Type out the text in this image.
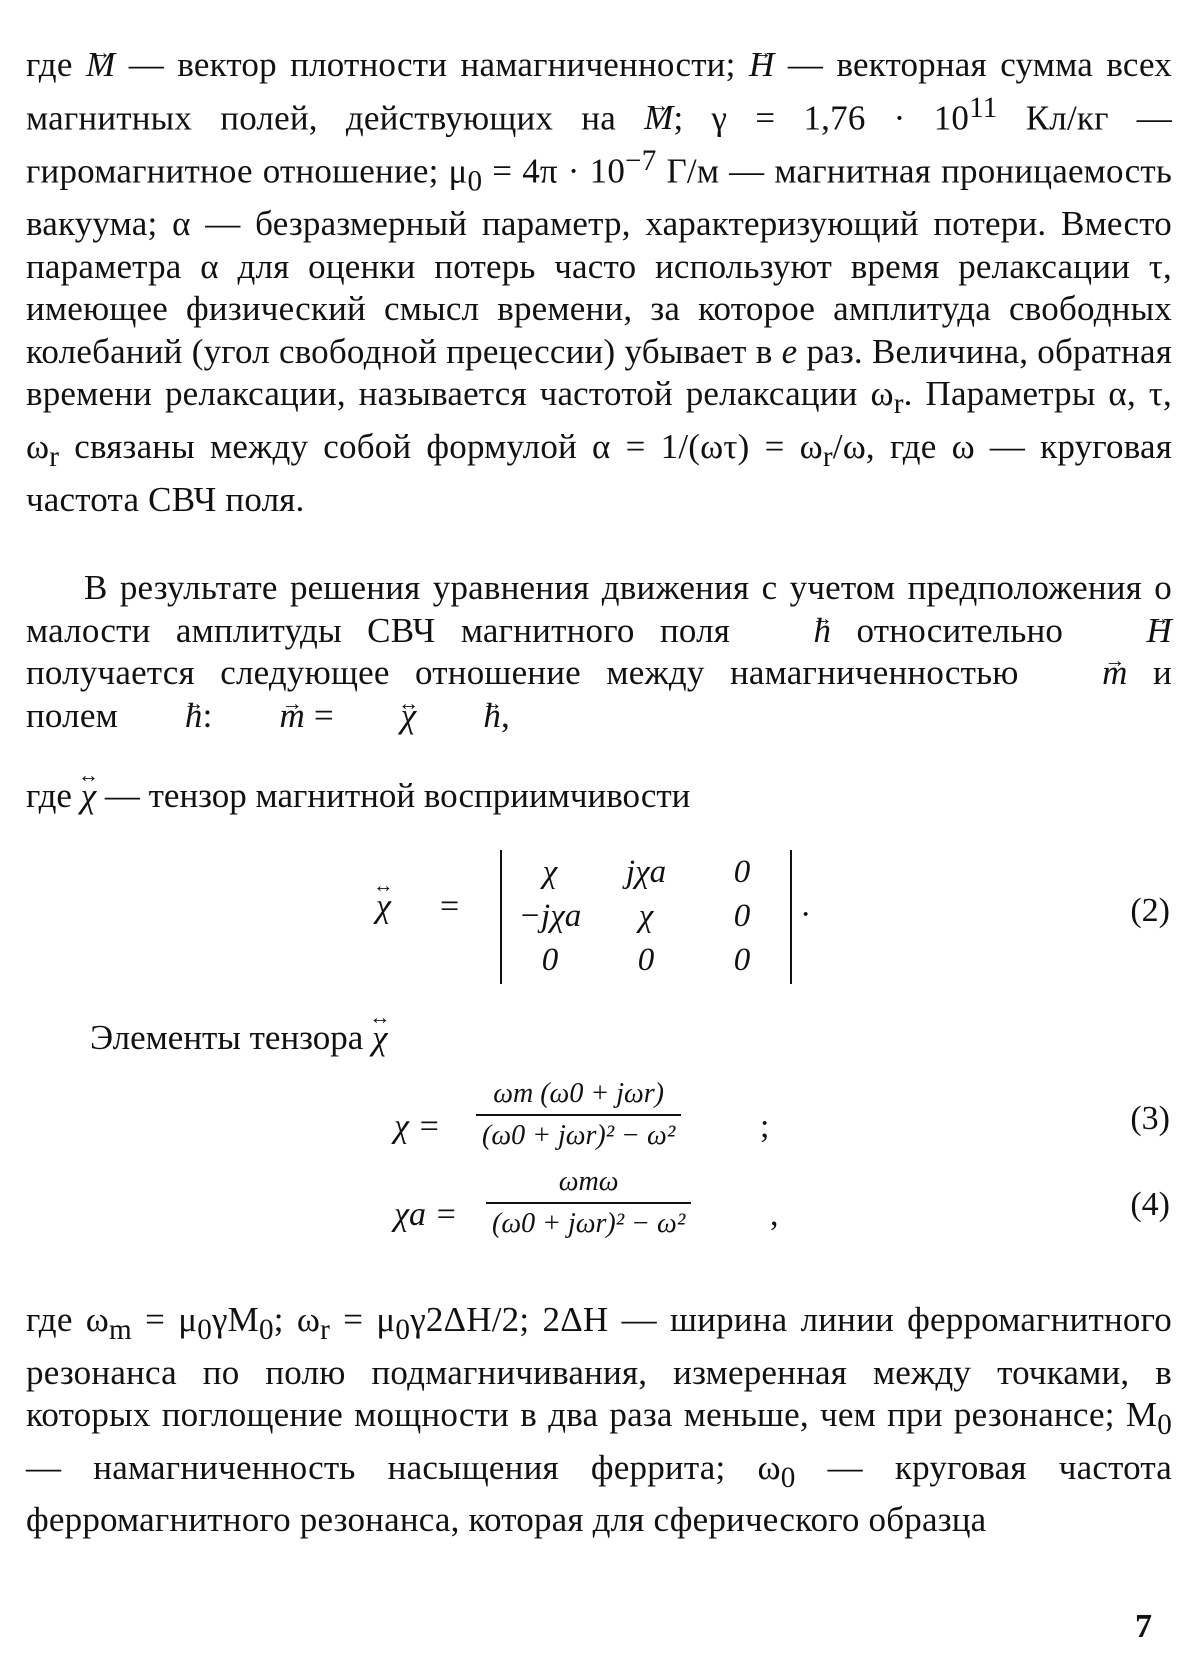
где → M — вектор плотности намагниченности; → H — векторная сумма всех магнитных полей, действующих на → M; $\gamma = 1,76 \cdot 10^{11}$ Кл/кг — гиромагнитное отношение; $\mu_0 = 4\pi \cdot 10^{-7}$ Г/м — магнитная проницаемость вакуума; α — безразмерный параметр, характеризующий потери. Вместо параметра α для оценки потерь часто используют время релаксации τ, имеющее физический смысл времени, за которое амплитуда свободных колебаний (угол свободной прецессии) убывает в e раз. Величина, обратная времени релаксации, называется частотой релаксации $\omega_r$. Параметры α, τ, $\omega_r$ связаны между собой формулой $\alpha = 1/(\omega\tau) = \omega_r/\omega$, где ω — круговая частота СВЧ поля.
В результате решения уравнения движения с учетом предположения о малости амплитуды СВЧ магнитного поля → h относительно → H получается следующее отношение между намагниченностью → m и полем → h: → m = ↔ χ → h,
где ↔ χ — тензор магнитной восприимчивости
↔ χ =
χ	jχa	0
−jχa	χ	0
0	0	0
·	(2)
Элементы тензора ↔ χ
χ =
ωm (ω0 + jωr)
(ω0 + jωr)² − ω² ;	(3)
χa =
ωmω
(ω0 + jωr)² − ω² ,	(4)
где $\omega_m = \mu_0\gamma M_0$; $\omega_r = \mu_0\gamma 2\Delta H/2$; 2ΔH — ширина линии ферромагнитного резонанса по полю подмагничивания, измеренная между точками, в которых поглощение мощности в два раза меньше, чем при резонансе; $M_0$ — намагниченность насыщения феррита; $\omega_0$ — круговая частота ферромагнитного резонанса, которая для сферического образца
7
